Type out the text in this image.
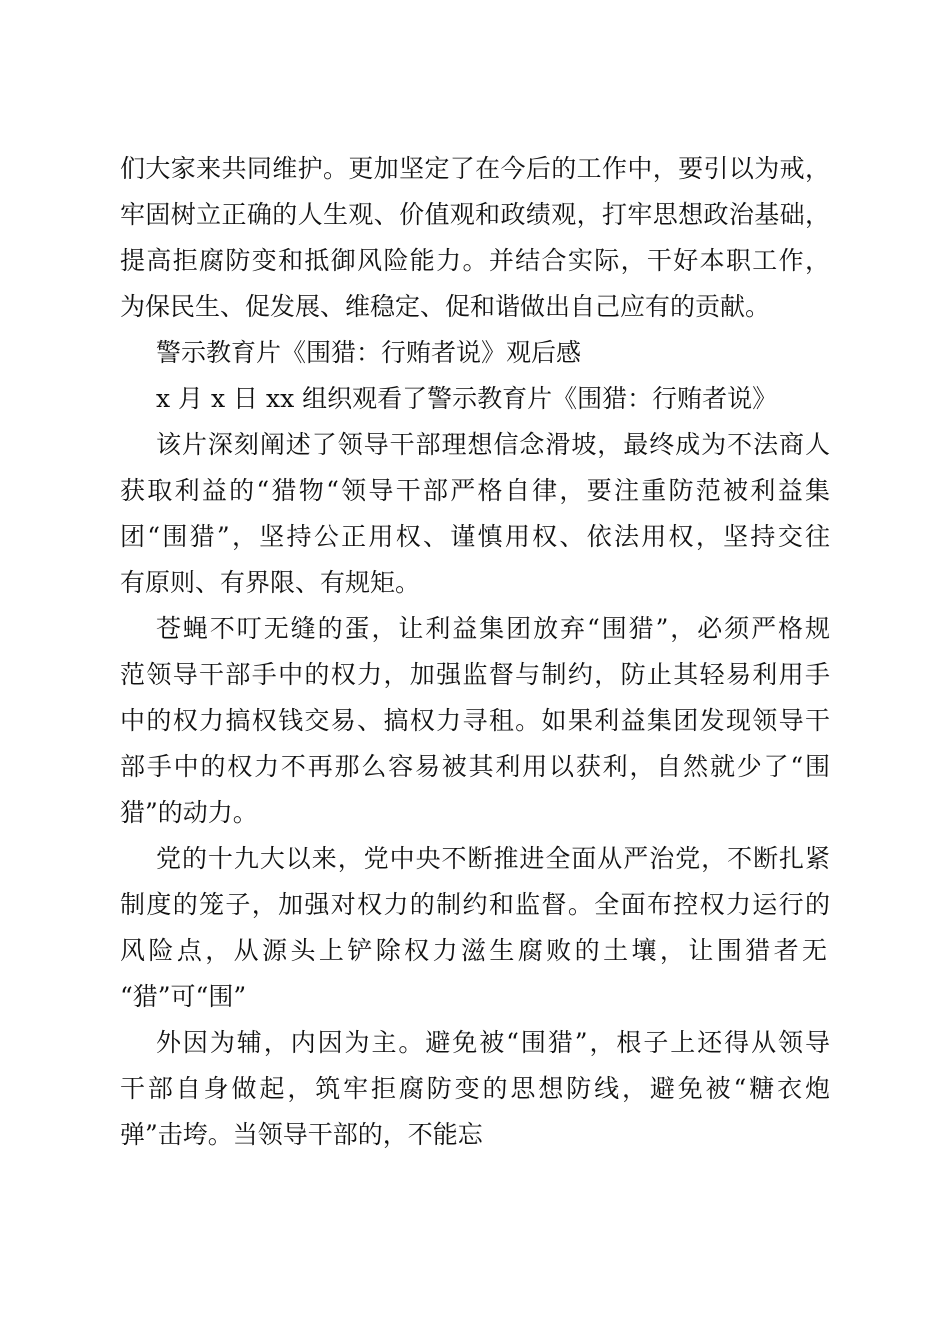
们大家来共同维护。更加坚定了在今后的工作中，要引以为戒，
牢固树立正确的人生观、价值观和政绩观，打牢思想政治基础，
提高拒腐防变和抵御风险能力。并结合实际，干好本职工作，
为保民生、促发展、维稳定、促和谐做出自己应有的贡献。
警示教育片《围猎：行贿者说》观后感
x 月 x 日 xx 组织观看了警示教育片《围猎：行贿者说》
该片深刻阐述了领导干部理想信念滑坡，最终成为不法商人
获取利益的“猎物“领导干部严格自律，要注重防范被利益集
团“围猎”，坚持公正用权、谨慎用权、依法用权，坚持交往
有原则、有界限、有规矩。
苍蝇不叮无缝的蛋，让利益集团放弃“围猎”，必须严格规
范领导干部手中的权力，加强监督与制约，防止其轻易利用手
中的权力搞权钱交易、搞权力寻租。如果利益集团发现领导干
部手中的权力不再那么容易被其利用以获利，自然就少了“围
猎”的动力。
党的十九大以来，党中央不断推进全面从严治党，不断扎紧
制度的笼子，加强对权力的制约和监督。全面布控权力运行的
风险点，从源头上铲除权力滋生腐败的土壤，让围猎者无
“猎”可“围”
外因为辅，内因为主。避免被“围猎”，根子上还得从领导
干部自身做起，筑牢拒腐防变的思想防线，避免被“糖衣炮
弹”击垮。当领导干部的，不能忘
